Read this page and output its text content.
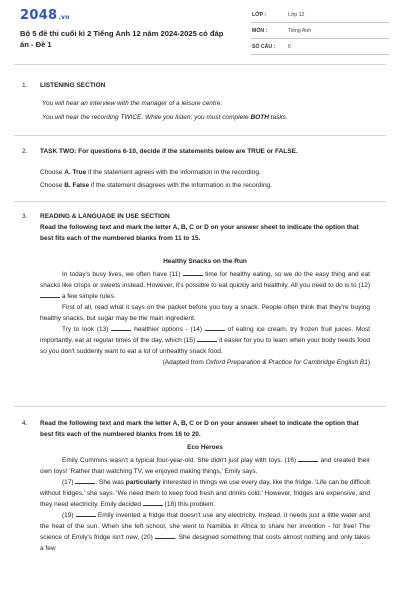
2048.vn
Bộ 5 đề thi cuối kì 2 Tiếng Anh 12 năm 2024-2025 có đáp án - Đề 1
LỚP :	Lớp 12
MÔN :	Tiếng Anh
SỐ CÂU : 6
1. LISTENING SECTION
You will hear an interview with the manager of a leisure centre.
You will hear the recording TWICE. While you listen, you must complete BOTH tasks.
2. TASK TWO: For questions 6-10, decide if the statements below are TRUE or FALSE.
Choose A. True if the statement agrees with the information in the recording.
Choose B. False if the statement disagrees with the information in the recording.
3. READING & LANGUAGE IN USE SECTION
Read the following text and mark the letter A, B, C or D on your answer sheet to indicate the option that best fits each of the numbered blanks from 11 to 15.
Healthy Snacks on the Run

In today's busy lives, we often have (11)	time for healthy eating, so we do the easy thing and eat snacks like crisps or sweets instead. However, it's possible to eat quickly and healthily. All you need to do is to (12)  a few simple rules.

First of all, read what it says on the packet before you buy a snack. People often think that they're buying healthy snacks, but sugar may be the main ingredient.

Try to look (13)	healthier options - (14)	of eating ice cream, try frozen fruit juices. Most importantly, eat at regular times of the day, which (15)	it easier for you to learn when your body needs food so you don't suddenly want to eat a lot of unhealthy snack food.

(Adapted from Oxford Preparation & Practice for Cambridge English B1)

4. Read the following text and mark the letter A, B, C or D on your answer sheet to indicate the option that best fits each of the numbered blanks from 16 to 20.
Eco Heroes

Emily Cummins wasn't a typical four-year-old. She didn't just play with toys. (16)	and created their own toys! 'Rather than watching TV, we enjoyed making things,' Emily says.

(17)	. She was particularly interested in things we use every day, like the fridge. 'Life can be difficult without fridges,' she says. 'We need them to keep food fresh and drinks cold.' However, fridges are expensive, and they need electricity. Emily decided	(18) this problem.

(19)	Emily invented a fridge that doesn't use any electricity. Instead, it needs just a little water and the heat of the sun. When she left school, she went to Namibia in Africa to share her invention - for free! The science of Emily's fridge isn't new, (20)	. She designed something that costs almost nothing and only takes a few
